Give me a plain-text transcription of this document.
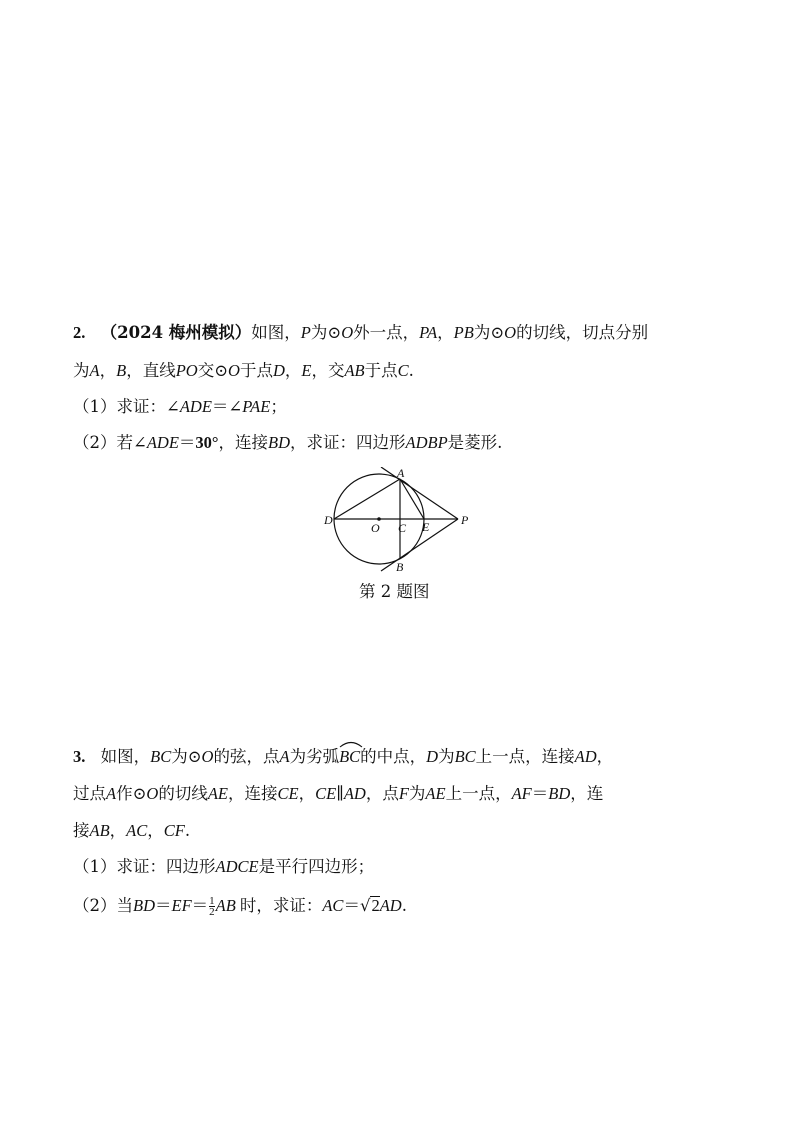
2. （2024 梅州模拟）如图，P为⊙O外一点，PA，PB为⊙O的切线，切点分别
为A，B，直线PO交⊙O于点D，E，交AB于点C.
（1）求证：∠ADE＝∠PAE；
（2）若∠ADE＝30°，连接BD，求证：四边形ADBP是菱形.
A
B
C
D	E
O
P
第 2 题图
3. 如图，BC为⊙O的弦，点A为劣弧
BC的中点，D为BC上一点，连接AD，
过点A作⊙O的切线AE，连接CE，CE∥AD，点F为AE上一点，AF＝BD，连
接AB，AC，CF.
（1）求证：四边形ADCE是平行四边形；
（2）当$BD=EF= \frac{1}{2}$ AB 时，求证：AC＝√2AD.
